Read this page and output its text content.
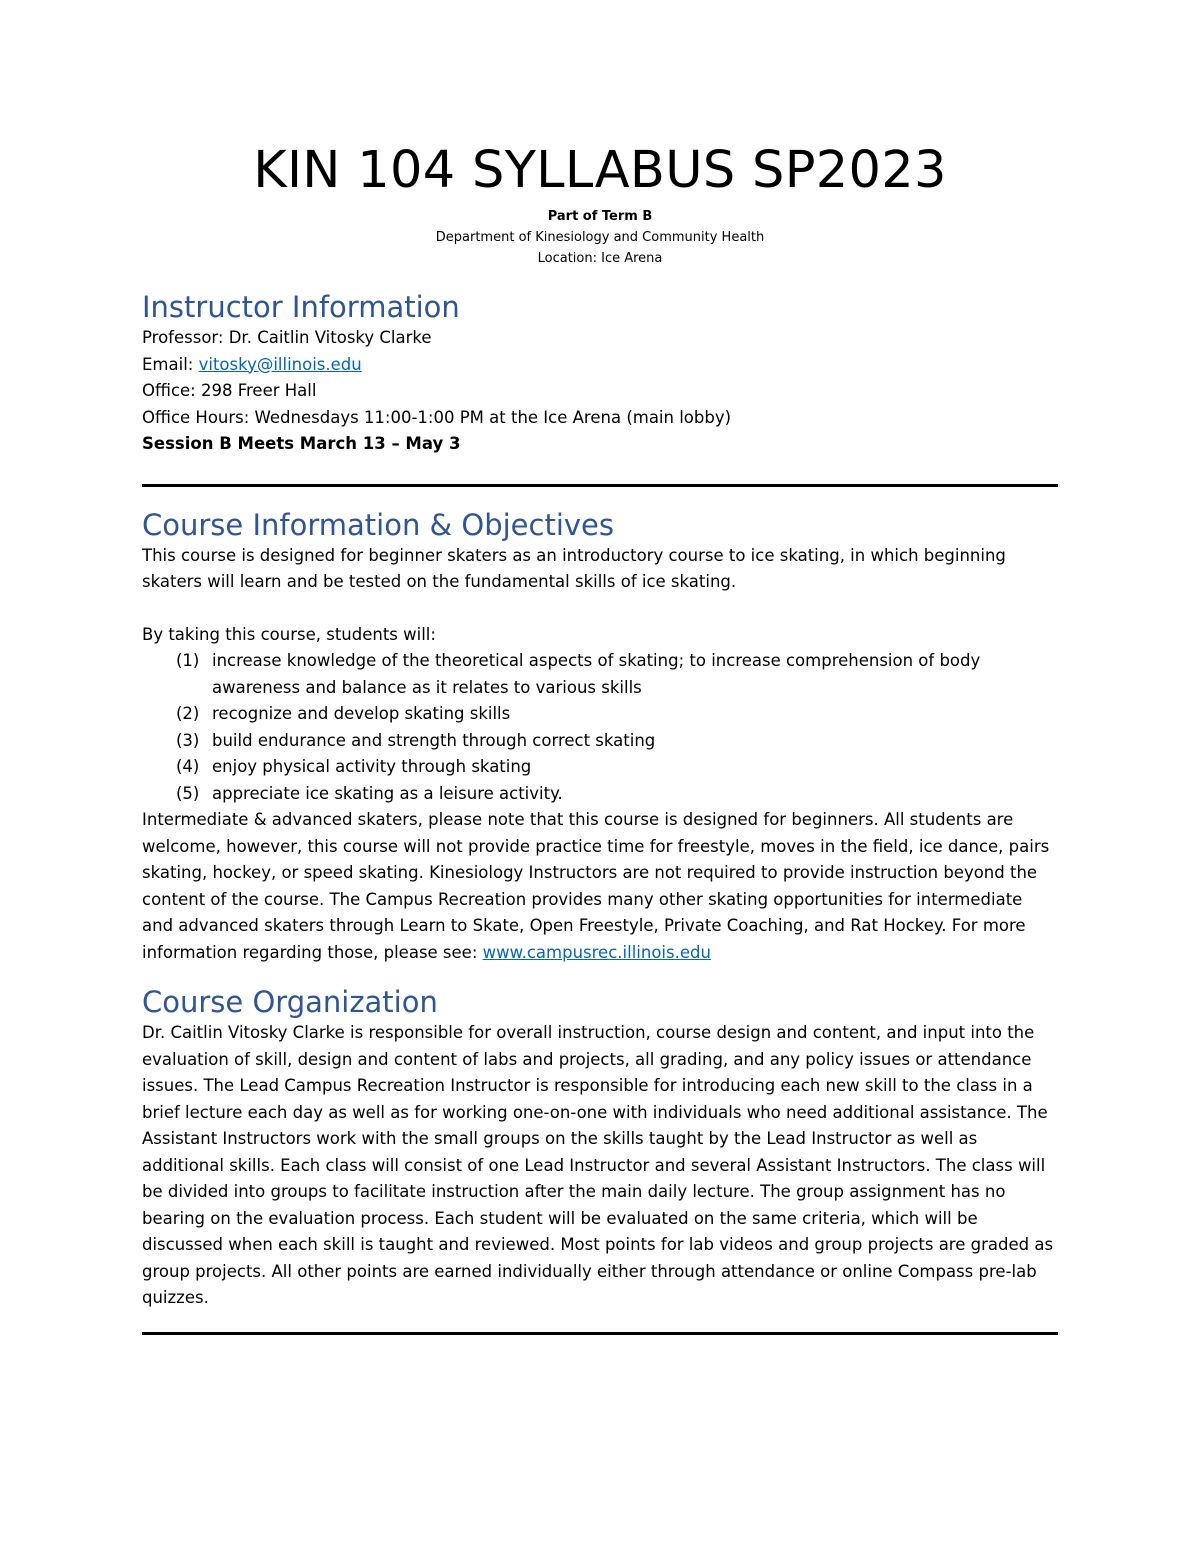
KIN 104 SYLLABUS SP2023
Part of Term B
Department of Kinesiology and Community Health
Location: Ice Arena
Instructor Information

Professor: Dr. Caitlin Vitosky Clarke

Email: vitosky@illinois.edu

Office: 298 Freer Hall

Office Hours: Wednesdays 11:00-1:00 PM at the Ice Arena (main lobby)

Session B Meets March 13 – May 3

Course Information & Objectives

This course is designed for beginner skaters as an introductory course to ice skating, in which beginning skaters will learn and be tested on the fundamental skills of ice skating.

By taking this course, students will:

(1) increase knowledge of the theoretical aspects of skating; to increase comprehension of body awareness and balance as it relates to various skills
(2) recognize and develop skating skills
(3) build endurance and strength through correct skating
(4) enjoy physical activity through skating
(5) appreciate ice skating as a leisure activity.

Intermediate & advanced skaters, please note that this course is designed for beginners. All students are welcome, however, this course will not provide practice time for freestyle, moves in the field, ice dance, pairs skating, hockey, or speed skating. Kinesiology Instructors are not required to provide instruction beyond the content of the course. The Campus Recreation provides many other skating opportunities for intermediate and advanced skaters through Learn to Skate, Open Freestyle, Private Coaching, and Rat Hockey. For more information regarding those, please see: www.campusrec.illinois.edu

Course Organization

Dr. Caitlin Vitosky Clarke is responsible for overall instruction, course design and content, and input into the evaluation of skill, design and content of labs and projects, all grading, and any policy issues or attendance issues. The Lead Campus Recreation Instructor is responsible for introducing each new skill to the class in a brief lecture each day as well as for working one-on-one with individuals who need additional assistance. The Assistant Instructors work with the small groups on the skills taught by the Lead Instructor as well as additional skills. Each class will consist of one Lead Instructor and several Assistant Instructors. The class will be divided into groups to facilitate instruction after the main daily lecture. The group assignment has no bearing on the evaluation process. Each student will be evaluated on the same criteria, which will be discussed when each skill is taught and reviewed. Most points for lab videos and group projects are graded as group projects. All other points are earned individually either through attendance or online Compass pre-lab quizzes.
